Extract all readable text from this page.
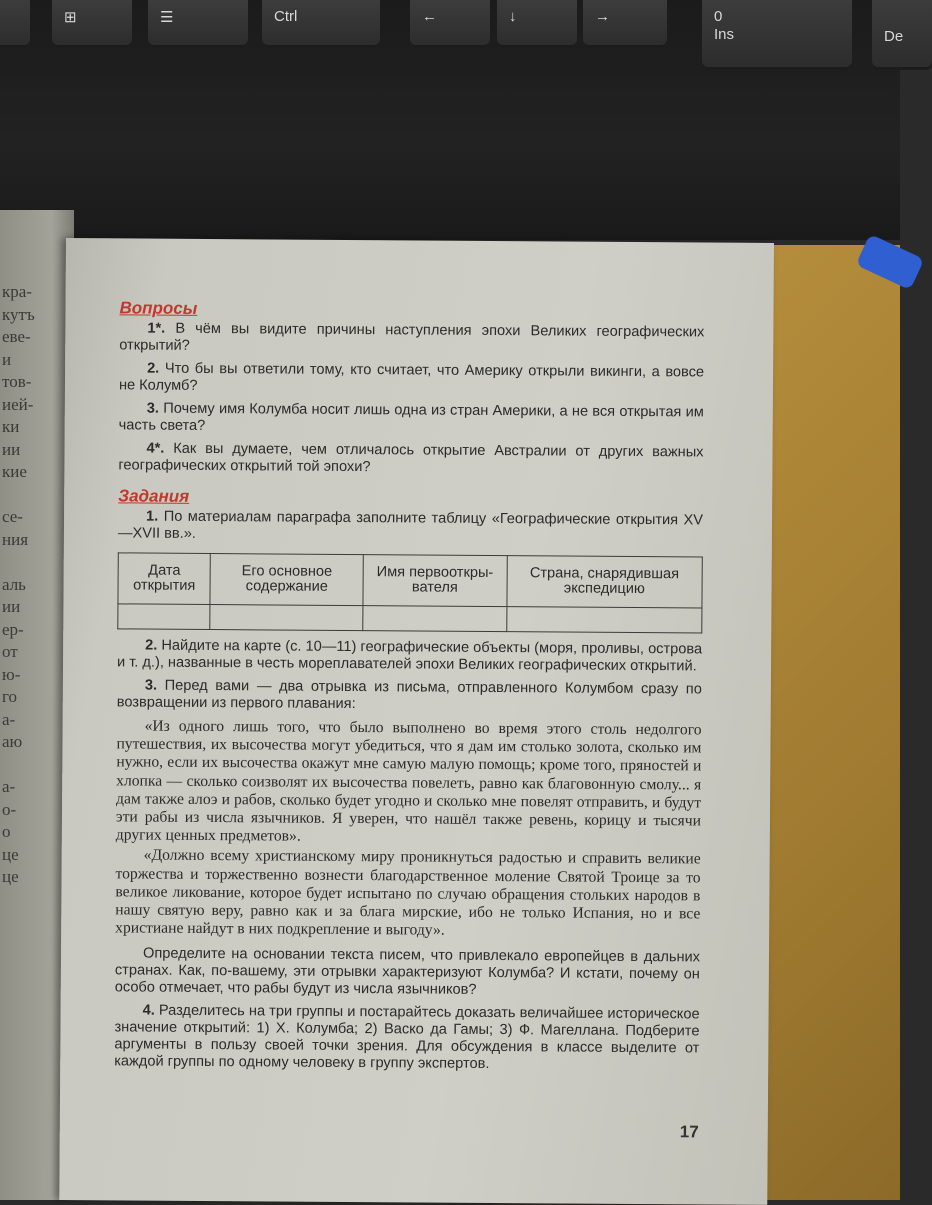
⊞	☰	Ctrl	←	↓	→	0
Ins	De
кра-
кутъ
еве-
и
тов-
ией-
ки
ии
кие
се-
ния
аль
ии
ер-
от
ю-
го
а-
аю
а-
о-
о
це
це
Вопросы

1*. В чём вы видите причины наступления эпохи Великих географических открытий?

2. Что бы вы ответили тому, кто считает, что Америку открыли викинги, а вовсе не Колумб?

3. Почему имя Колумба носит лишь одна из стран Америки, а не вся открытая им часть света?

4*. Как вы думаете, чем отличалось открытие Австралии от других важных географических открытий той эпохи?

Задания

1. По материалам параграфа заполните таблицу «Географические открытия XV—XVII вв.».

Дата открытия	Его основное содержание	Имя первооткры-вателя	Страна, снарядившая экспедицию

2. Найдите на карте (с. 10—11) географические объекты (моря, проливы, острова и т. д.), названные в честь мореплавателей эпохи Великих географических открытий.

3. Перед вами — два отрывка из письма, отправленного Колумбом сразу по возвращении из первого плавания:

«Из одного лишь того, что было выполнено во время этого столь недолгого путешествия, их высочества могут убедиться, что я дам им столько золота, сколько им нужно, если их высочества окажут мне самую малую помощь; кроме того, пряностей и хлопка — сколько соизволят их высочества повелеть, равно как благовонную смолу... я дам также алоэ и рабов, сколько будет угодно и сколько мне повелят отправить, и будут эти рабы из числа язычников. Я уверен, что нашёл также ревень, корицу и тысячи других ценных предметов».

«Должно всему христианскому миру проникнуться радостью и справить великие торжества и торжественно вознести благодарственное моление Святой Троице за то великое ликование, которое будет испытано по случаю обращения стольких народов в нашу святую веру, равно как и за блага мирские, ибо не только Испания, но и все христиане найдут в них подкрепление и выгоду».

Определите на основании текста писем, что привлекало европейцев в дальних странах. Как, по-вашему, эти отрывки характеризуют Колумба? И кстати, почему он особо отмечает, что рабы будут из числа язычников?

4. Разделитесь на три группы и постарайтесь доказать величайшее историческое значение открытий: 1) Х. Колумба; 2) Васко да Гамы; 3) Ф. Магеллана. Подберите аргументы в пользу своей точки зрения. Для обсуждения в классе выделите от каждой группы по одному человеку в группу экспертов.

17
